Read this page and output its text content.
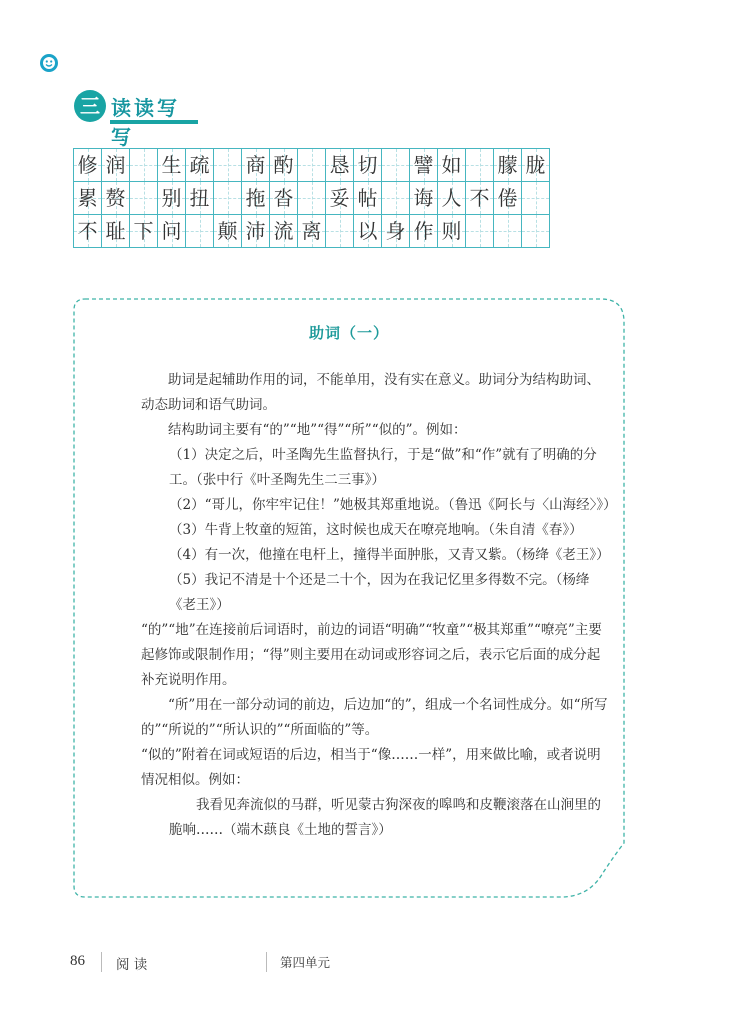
三 读读写写
修 润 生 疏 商 酌 恳 切 譬 如 朦 胧
累 赘 别 扭 拖 沓 妥 帖 诲 人 不 倦
不 耻 下 问 颠 沛 流 离 以 身 作 则
助词（一）

助词是起辅助作用的词，不能单用，没有实在意义。助词分为结构助词、动态助词和语气助词。

结构助词主要有“的”“地”“得”“所”“似的”。例如：

（1）决定之后，叶圣陶先生监督执行，于是“做”和“作”就有了明确的分工。（张中行《叶圣陶先生二三事》）

（2）“哥儿，你牢牢记住！”她极其郑重地说。（鲁迅《阿长与〈山海经〉》）

（3）牛背上牧童的短笛，这时候也成天在嘹亮地响。（朱自清《春》）

（4）有一次，他撞在电杆上，撞得半面肿胀，又青又紫。（杨绛《老王》）

（5）我记不清是十个还是二十个，因为在我记忆里多得数不完。（杨绛《老王》）

“的”“地”在连接前后词语时，前边的词语“明确”“牧童”“极其郑重”“嘹亮”主要起修饰或限制作用；“得”则主要用在动词或形容词之后，表示它后面的成分起补充说明作用。

“所”用在一部分动词的前边，后边加“的”，组成一个名词性成分。如“所写的”“所说的”“所认识的”“所面临的”等。

“似的”附着在词或短语的后边，相当于“像……一样”，用来做比喻，或者说明情况相似。例如：

我看见奔流似的马群，听见蒙古狗深夜的嗥鸣和皮鞭滚落在山涧里的脆响……（端木蕻良《土地的誓言》）

86 阅 读	第四单元
